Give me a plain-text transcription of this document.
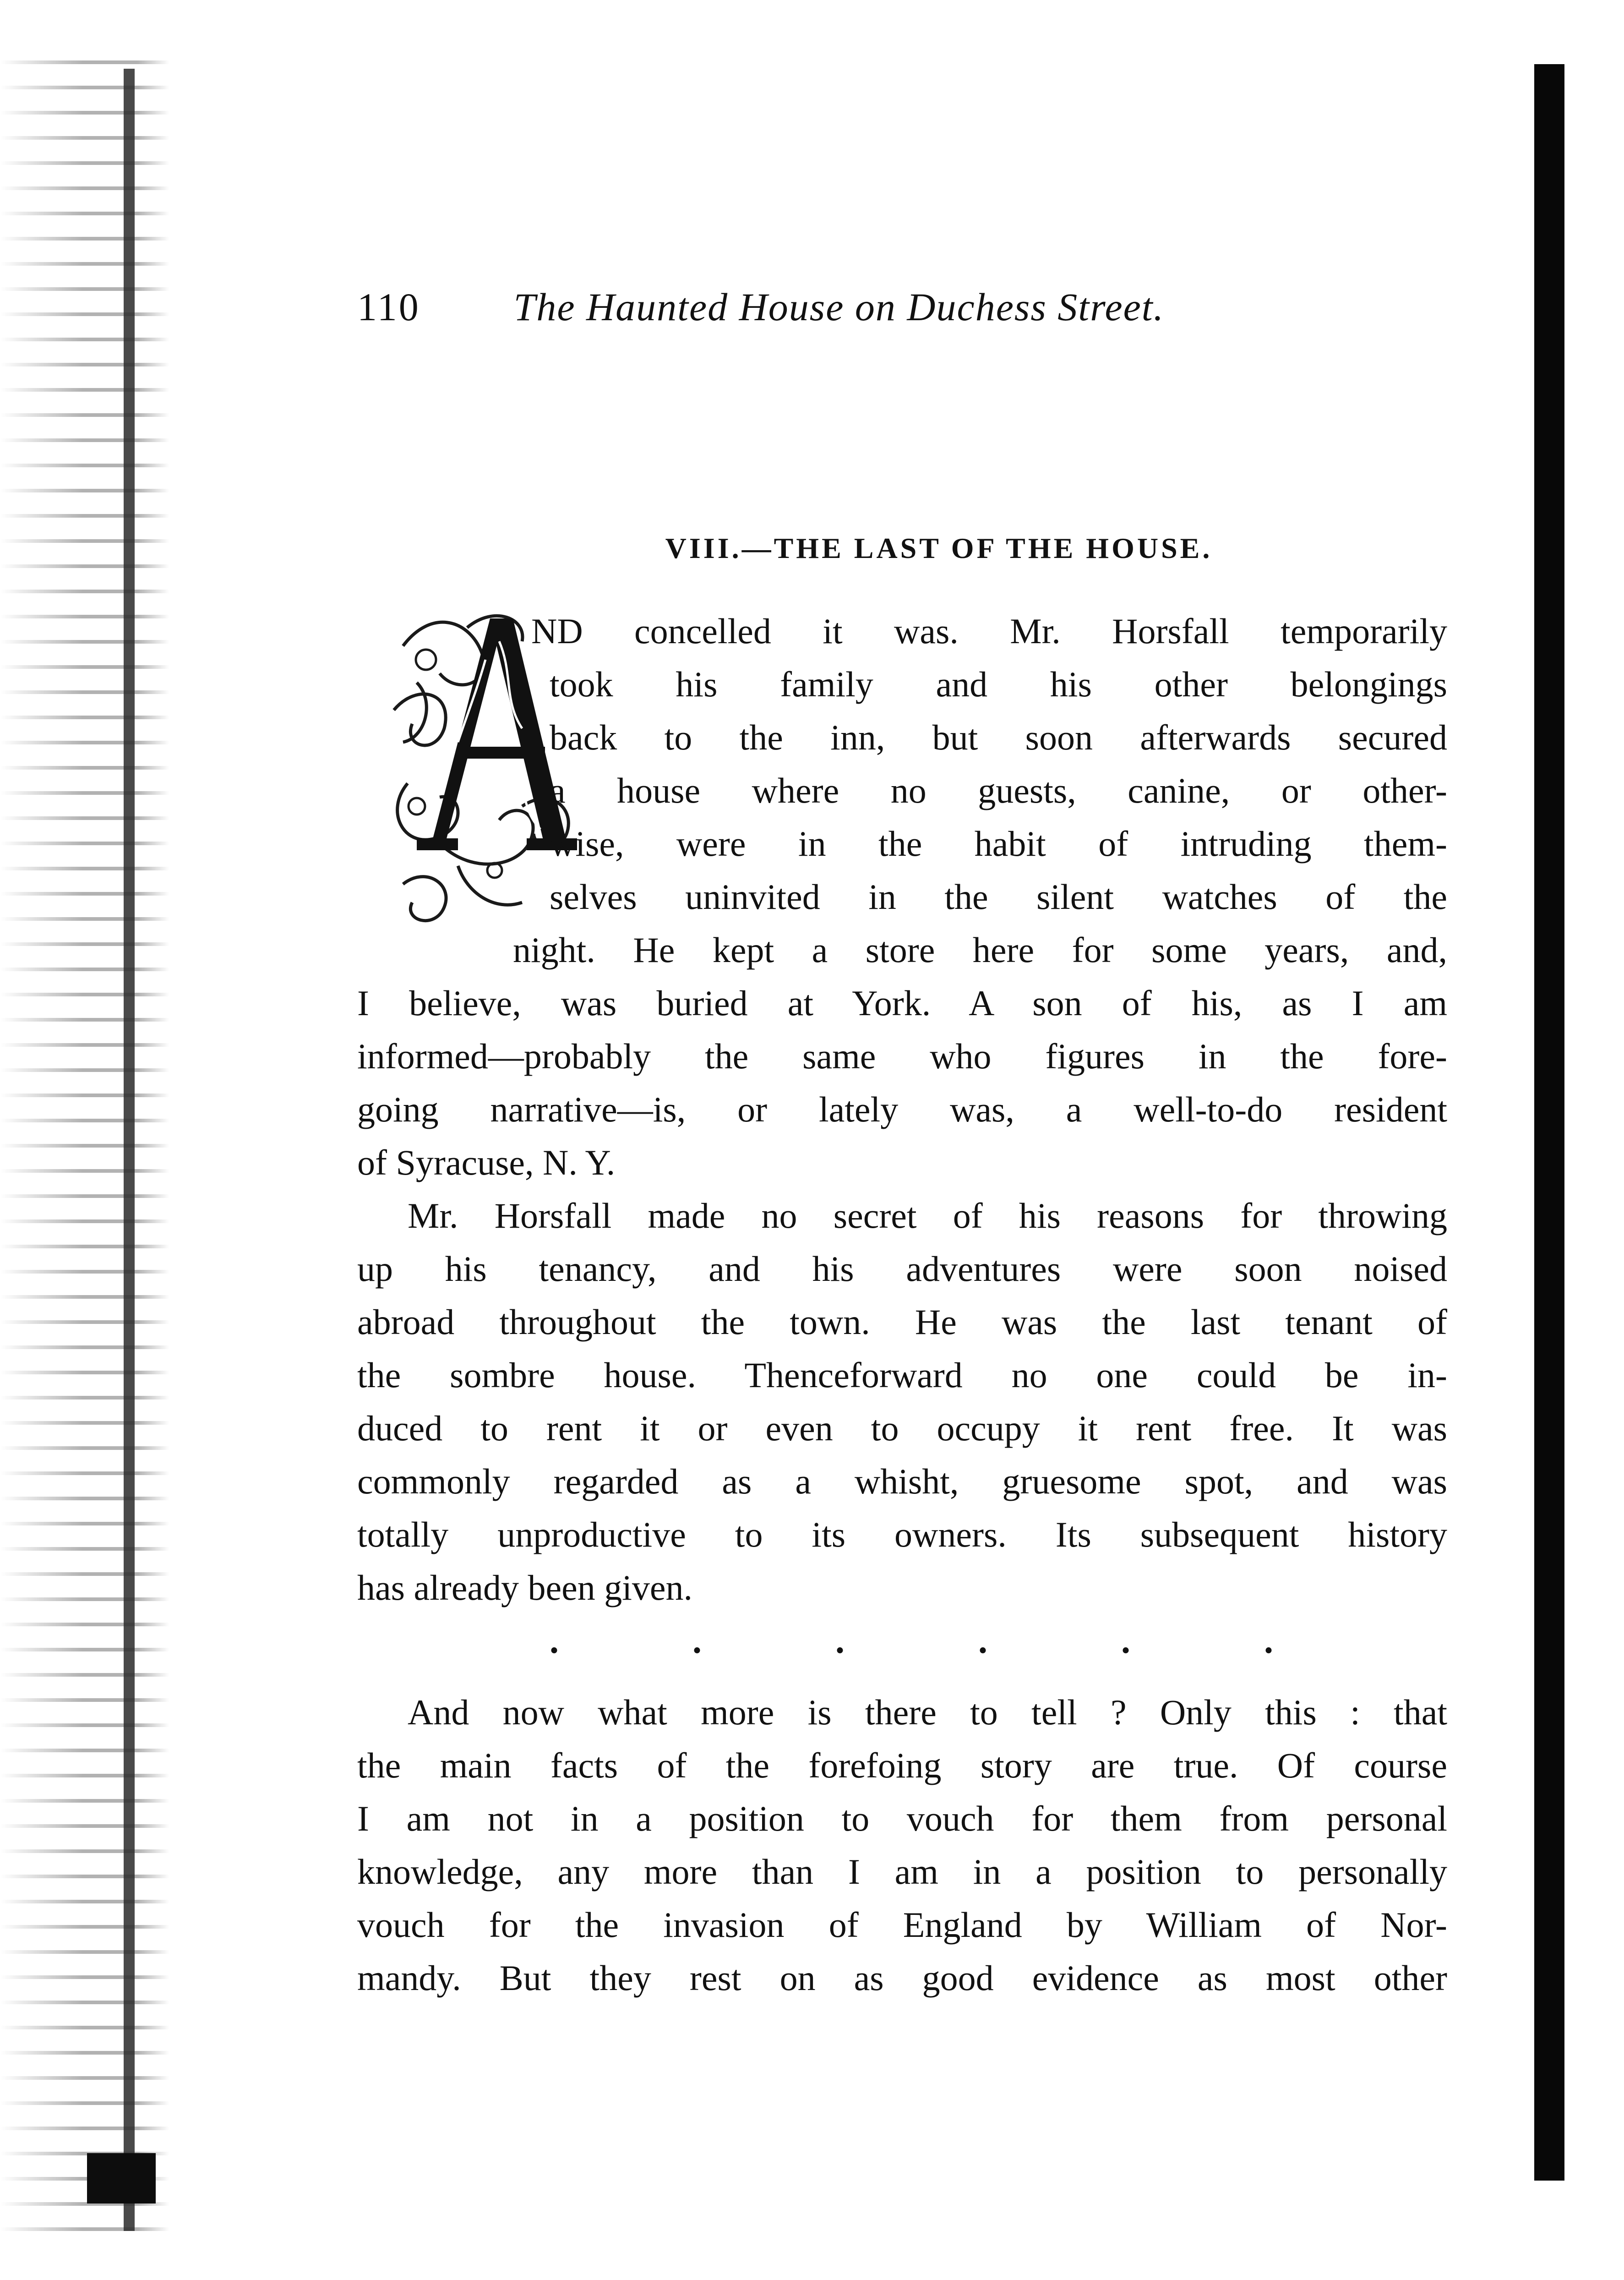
110 The Haunted House on Duchess Street.
VIII.—THE LAST OF THE HOUSE.
ND concelled it was. Mr. Horsfall temporarily
took his family and his other belongings
back to the inn, but soon afterwards secured
a house where no guests, canine, or other-
wise, were in the habit of intruding them-
selves uninvited in the silent watches of the
night. He kept a store here for some years, and,
I believe, was buried at York. A son of his, as I am
informed—probably the same who figures in the fore-
going narrative—is, or lately was, a well-to-do resident
of Syracuse, N. Y.
Mr. Horsfall made no secret of his reasons for throwing
up his tenancy, and his adventures were soon noised
abroad throughout the town. He was the last tenant of
the sombre house. Thenceforward no one could be in-
duced to rent it or even to occupy it rent free. It was
commonly regarded as a whisht, gruesome spot, and was
totally unproductive to its owners. Its subsequent history
has already been given.
.	.	.	.	.	.
And now what more is there to tell ? Only this : that
the main facts of the forefoing story are true. Of course
I am not in a position to vouch for them from personal
knowledge, any more than I am in a position to personally
vouch for the invasion of England by William of Nor-
mandy. But they rest on as good evidence as most other
